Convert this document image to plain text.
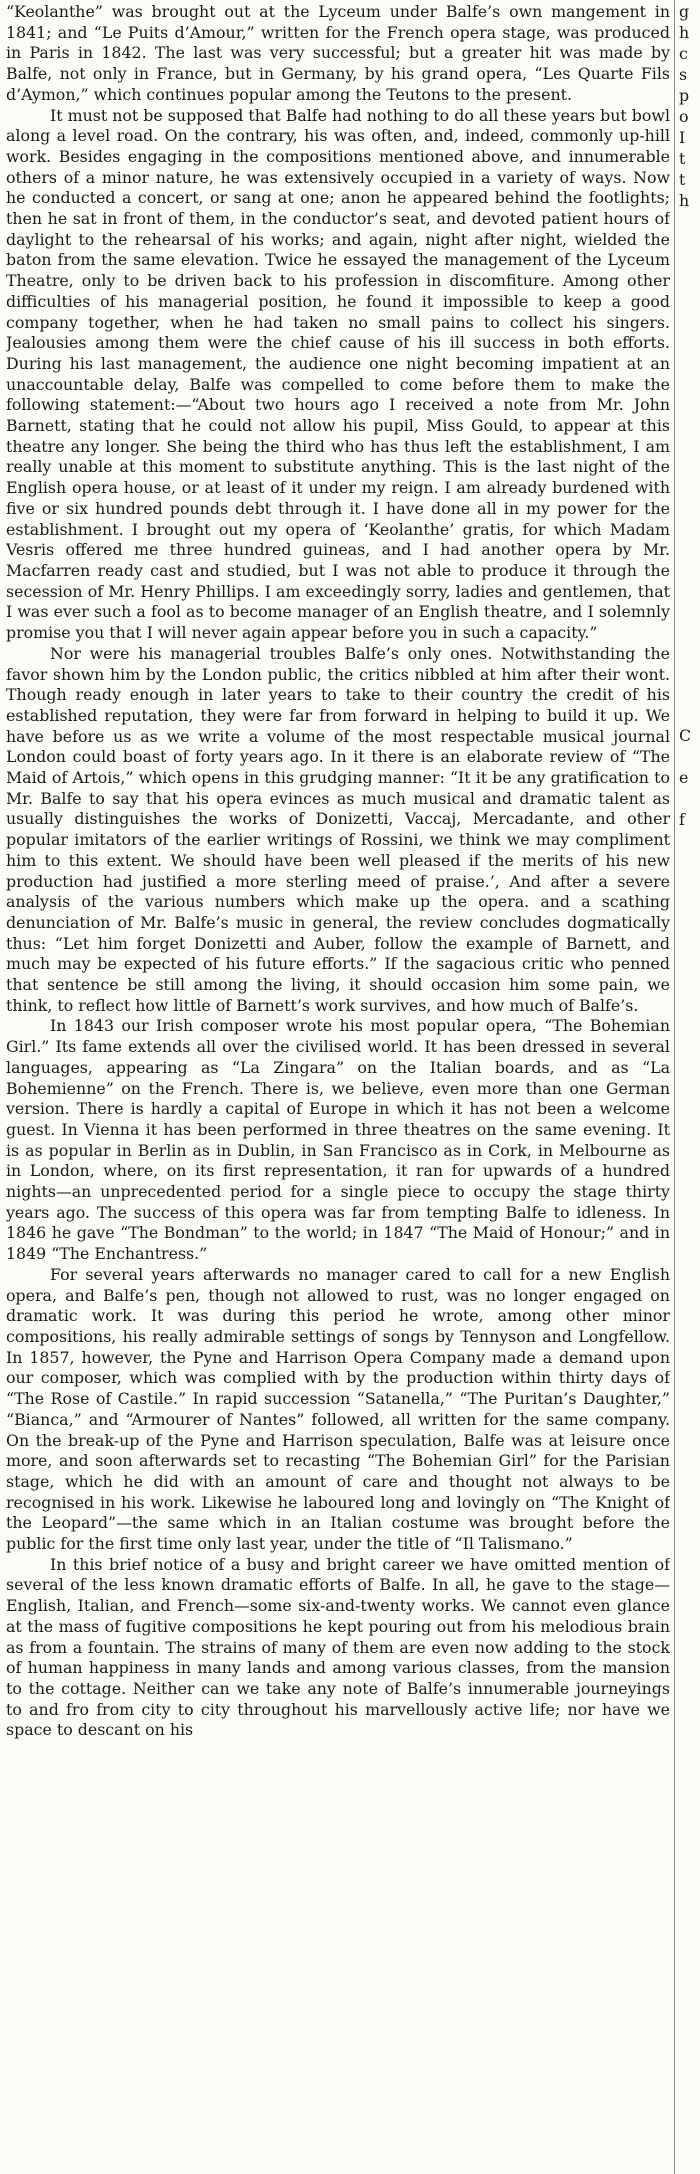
“Keolanthe” was brought out at the Lyceum under Balfe’s own mangement in 1841; and “Le Puits d’Amour,” written for the French opera stage, was produced in Paris in 1842. The last was very successful; but a greater hit was made by Balfe, not only in France, but in Germany, by his grand opera, “Les Quarte Fils d’Aymon,” which continues popular among the Teutons to the present.

It must not be supposed that Balfe had nothing to do all these years but bowl along a level road. On the contrary, his was often, and, indeed, commonly up-hill work. Besides engaging in the compositions mentioned above, and innumerable others of a minor nature, he was extensively occupied in a variety of ways. Now he conducted a concert, or sang at one; anon he appeared behind the footlights; then he sat in front of them, in the conductor’s seat, and devoted patient hours of daylight to the rehearsal of his works; and again, night after night, wielded the baton from the same elevation. Twice he essayed the management of the Lyceum Theatre, only to be driven back to his profession in discomfiture. Among other difficulties of his managerial position, he found it impossible to keep a good company together, when he had taken no small pains to collect his singers. Jealousies among them were the chief cause of his ill success in both efforts. During his last management, the audience one night becoming impatient at an unaccountable delay, Balfe was compelled to come before them to make the following statement:—“About two hours ago I received a note from Mr. John Barnett, stating that he could not allow his pupil, Miss Gould, to appear at this theatre any longer. She being the third who has thus left the establishment, I am really unable at this moment to substitute anything. This is the last night of the English opera house, or at least of it under my reign. I am already burdened with five or six hundred pounds debt through it. I have done all in my power for the establishment. I brought out my opera of ‘Keolanthe’ gratis, for which Madam Vesris offered me three hundred guineas, and I had another opera by Mr. Macfarren ready cast and studied, but I was not able to produce it through the secession of Mr. Henry Phillips. I am exceedingly sorry, ladies and gentlemen, that I was ever such a fool as to become manager of an English theatre, and I solemnly promise you that I will never again appear before you in such a capacity.”

Nor were his managerial troubles Balfe’s only ones. Notwithstanding the favor shown him by the London public, the critics nibbled at him after their wont. Though ready enough in later years to take to their country the credit of his established reputation, they were far from forward in helping to build it up. We have before us as we write a volume of the most respectable musical journal London could boast of forty years ago. In it there is an elaborate review of “The Maid of Artois,” which opens in this grudging manner: “It it be any gratification to Mr. Balfe to say that his opera evinces as much musical and dramatic talent as usually distinguishes the works of Donizetti, Vaccaj, Mercadante, and other popular imitators of the earlier writings of Rossini, we think we may compliment him to this extent. We should have been well pleased if the merits of his new production had justified a more sterling meed of praise.’, And after a severe analysis of the various numbers which make up the opera. and a scathing denunciation of Mr. Balfe’s music in general, the review concludes dogmatically thus: “Let him forget Donizetti and Auber, follow the example of Barnett, and much may be expected of his future efforts.” If the sagacious critic who penned that sentence be still among the living, it should occasion him some pain, we think, to reflect how little of Barnett’s work survives, and how much of Balfe’s.

In 1843 our Irish composer wrote his most popular opera, “The Bohemian Girl.” Its fame extends all over the civilised world. It has been dressed in several languages, appearing as “La Zingara” on the Italian boards, and as “La Bohemienne” on the French. There is, we believe, even more than one German version. There is hardly a capital of Europe in which it has not been a welcome guest. In Vienna it has been performed in three theatres on the same evening. It is as popular in Berlin as in Dublin, in San Francisco as in Cork, in Melbourne as in London, where, on its first representation, it ran for upwards of a hundred nights—an unprecedented period for a single piece to occupy the stage thirty years ago. The success of this opera was far from tempting Balfe to idleness. In 1846 he gave “The Bondman” to the world; in 1847 “The Maid of Honour;” and in 1849 “The Enchantress.”

For several years afterwards no manager cared to call for a new English opera, and Balfe’s pen, though not allowed to rust, was no longer engaged on dramatic work. It was during this period he wrote, among other minor compositions, his really admirable settings of songs by Tennyson and Longfellow. In 1857, however, the Pyne and Harrison Opera Company made a demand upon our composer, which was complied with by the production within thirty days of “The Rose of Castile.” In rapid succession “Satanella,” “The Puritan’s Daughter,” “Bianca,” and “Armourer of Nantes” followed, all written for the same company. On the break-up of the Pyne and Harrison speculation, Balfe was at leisure once more, and soon afterwards set to recasting “The Bohemian Girl” for the Parisian stage, which he did with an amount of care and thought not always to be recognised in his work. Likewise he laboured long and lovingly on “The Knight of the Leopard”—the same which in an Italian costume was brought before the public for the first time only last year, under the title of “Il Talismano.”

In this brief notice of a busy and bright career we have omitted mention of several of the less known dramatic efforts of Balfe. In all, he gave to the stage—English, Italian, and French—some six-and-twenty works. We cannot even glance at the mass of fugitive compositions he kept pouring out from his melodious brain as from a fountain. The strains of many of them are even now adding to the stock of human happiness in many lands and among various classes, from the mansion to the cottage. Neither can we take any note of Balfe’s innumerable journeyings to and fro from city to city throughout his marvellously active life; nor have we space to descant on his

g
h
c
s
p
o
I
t
t
h
C
e
f
